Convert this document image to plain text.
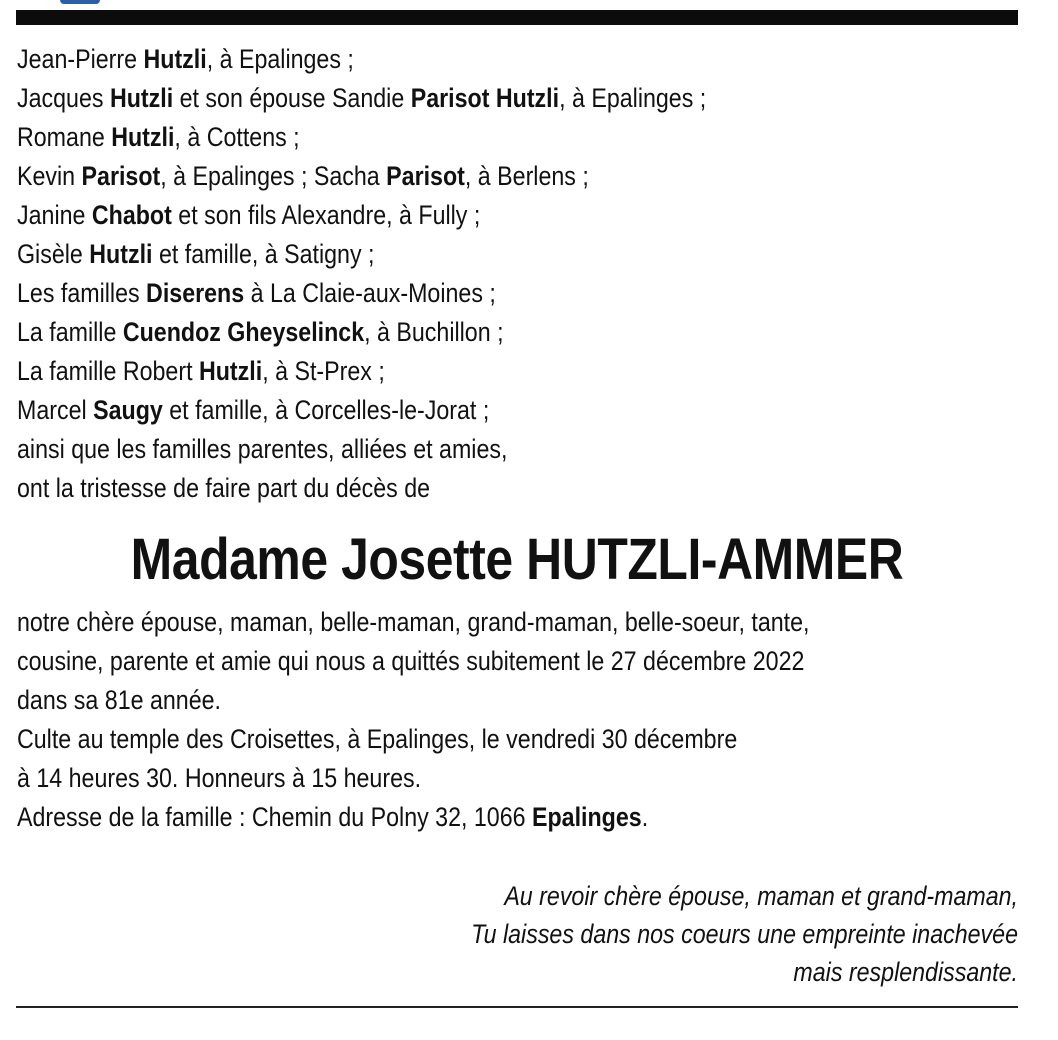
Jean-Pierre Hutzli, à Epalinges ;
Jacques Hutzli et son épouse Sandie Parisot Hutzli, à Epalinges ;
Romane Hutzli, à Cottens ;
Kevin Parisot, à Epalinges ; Sacha Parisot, à Berlens ;
Janine Chabot et son fils Alexandre, à Fully ;
Gisèle Hutzli et famille, à Satigny ;
Les familles Diserens à La Claie-aux-Moines ;
La famille Cuendoz Gheyselinck, à Buchillon ;
La famille Robert Hutzli, à St-Prex ;
Marcel Saugy et famille, à Corcelles-le-Jorat ;
ainsi que les familles parentes, alliées et amies,
ont la tristesse de faire part du décès de
Madame Josette HUTZLI-AMMER

notre chère épouse, maman, belle-maman, grand-maman, belle-soeur, tante,

cousine, parente et amie qui nous a quittés subitement le 27 décembre 2022

dans sa 81e année.

Culte au temple des Croisettes, à Epalinges, le vendredi 30 décembre

à 14 heures 30. Honneurs à 15 heures.

Adresse de la famille : Chemin du Polny 32, 1066 Epalinges.

Au revoir chère épouse, maman et grand-maman,

Tu laisses dans nos coeurs une empreinte inachevée

mais resplendissante.
